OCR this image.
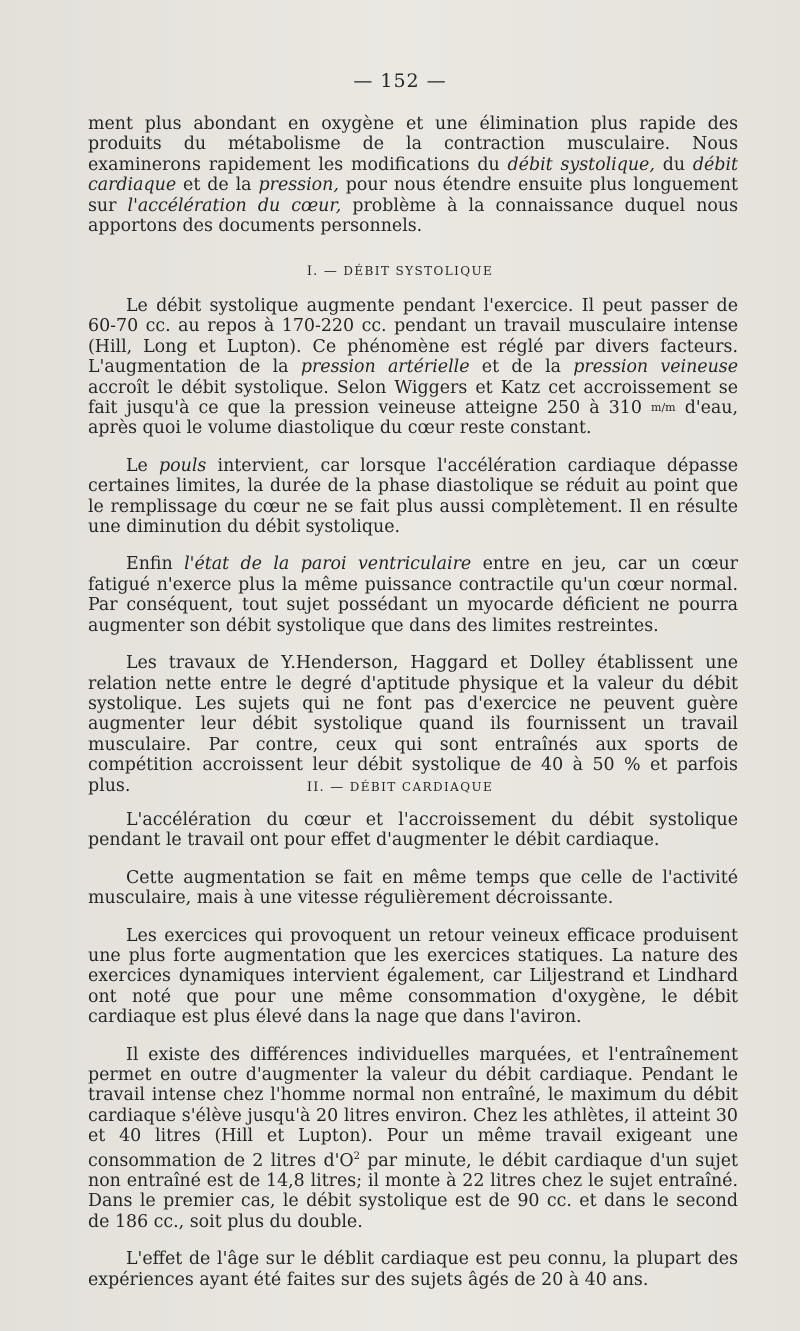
— 152 —

ment plus abondant en oxygène et une élimination plus rapide des produits du métabolisme de la contraction musculaire. Nous examinerons rapidement les modifications du débit systolique, du débit cardiaque et de la pression, pour nous étendre ensuite plus longuement sur l'accélération du cœur, problème à la connaissance duquel nous apportons des documents personnels.

I. — DÉBIT SYSTOLIQUE

Le débit systolique augmente pendant l'exercice. Il peut passer de 60-70 cc. au repos à 170-220 cc. pendant un travail musculaire intense (Hill, Long et Lupton). Ce phénomène est réglé par divers facteurs. L'augmentation de la pression artérielle et de la pression veineuse accroît le débit systolique. Selon Wiggers et Katz cet accroissement se fait jusqu'à ce que la pression veineuse atteigne 250 à 310 m/m d'eau, après quoi le volume diastolique du cœur reste constant.

Le pouls intervient, car lorsque l'accélération cardiaque dépasse certaines limites, la durée de la phase diastolique se réduit au point que le remplissage du cœur ne se fait plus aussi complètement. Il en résulte une diminution du débit systolique.

Enfin l'état de la paroi ventriculaire entre en jeu, car un cœur fatigué n'exerce plus la même puissance contractile qu'un cœur normal. Par conséquent, tout sujet possédant un myocarde déficient ne pourra augmenter son débit systolique que dans des limites restreintes.

Les travaux de Y.Henderson, Haggard et Dolley établissent une relation nette entre le degré d'aptitude physique et la valeur du débit systolique. Les sujets qui ne font pas d'exercice ne peuvent guère augmenter leur débit systolique quand ils fournissent un travail musculaire. Par contre, ceux qui sont entraînés aux sports de compétition accroissent leur débit systolique de 40 à 50 % et parfois plus.	II. — DÉBIT CARDIAQUE

L'accélération du cœur et l'accroissement du débit systolique pendant le travail ont pour effet d'augmenter le débit cardiaque.

Cette augmentation se fait en même temps que celle de l'activité musculaire, mais à une vitesse régulièrement décroissante.

Les exercices qui provoquent un retour veineux efficace produisent une plus forte augmentation que les exercices statiques. La nature des exercices dynamiques intervient également, car Liljestrand et Lindhard ont noté que pour une même consommation d'oxygène, le débit cardiaque est plus élevé dans la nage que dans l'aviron.

Il existe des différences individuelles marquées, et l'entraînement permet en outre d'augmenter la valeur du débit cardiaque. Pendant le travail intense chez l'homme normal non entraîné, le maximum du débit cardiaque s'élève jusqu'à 20 litres environ. Chez les athlètes, il atteint 30 et 40 litres (Hill et Lupton). Pour un même travail exigeant une consommation de 2 litres $d'O^2$ par minute, le débit cardiaque d'un sujet non entraîné est de 14,8 litres; il monte à 22 litres chez le sujet entraîné. Dans le premier cas, le débit systolique est de 90 cc. et dans le second de 186 cc., soit plus du double.

L'effet de l'âge sur le déblit cardiaque est peu connu, la plupart des expériences ayant été faites sur des sujets âgés de 20 à 40 ans.
